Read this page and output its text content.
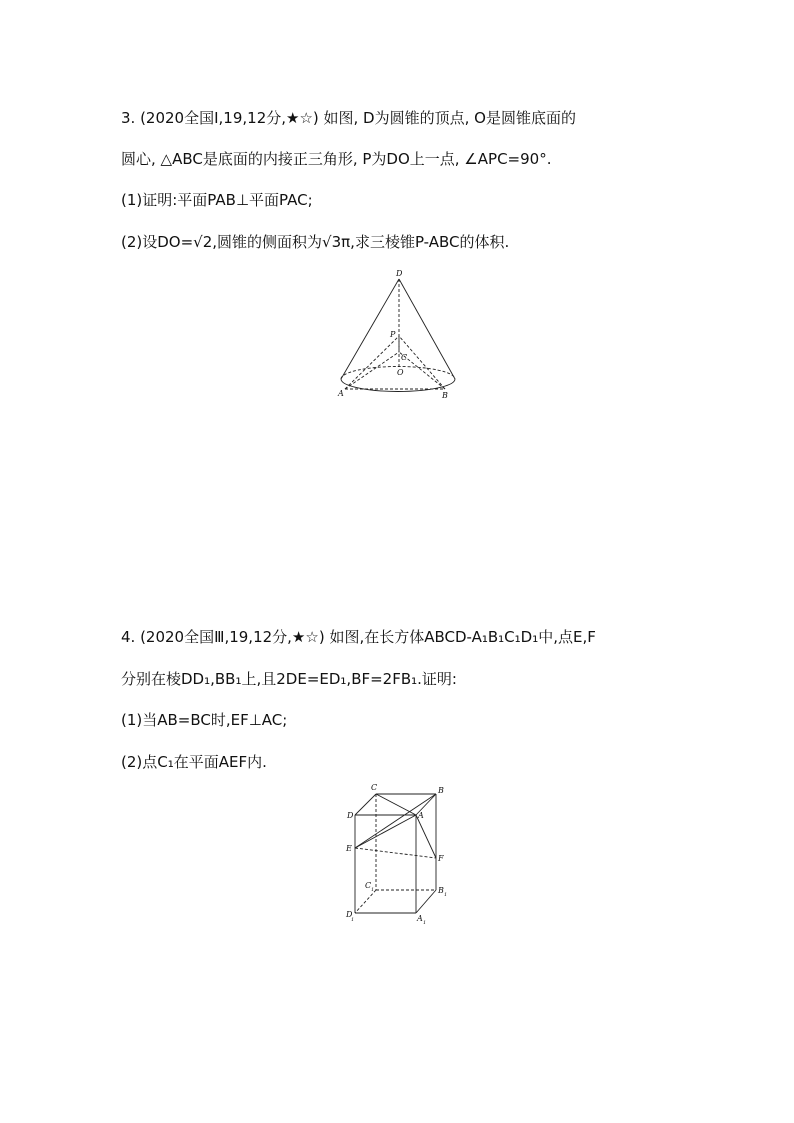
3. (2020全国Ⅰ,19,12分,★☆) 如图, D为圆锥的顶点, O是圆锥底面的
圆心, △ABC是底面的内接正三角形, P为DO上一点, ∠APC=90°.
(1)证明:平面PAB⊥平面PAC;
(2)设DO=√2,圆锥的侧面积为√3π,求三棱锥P-ABC的体积.
D
P
C
O
A	B
4. (2020全国Ⅲ,19,12分,★☆) 如图,在长方体ABCD-A₁B₁C₁D₁中,点E,F
分别在棱DD₁,BB₁上,且2DE=ED₁,BF=2FB₁.证明:
(1)当AB=BC时,EF⊥AC;
(2)点C₁在平面AEF内.
C	B
D	A
E
F
C 1	B 1
D
1	A 1
